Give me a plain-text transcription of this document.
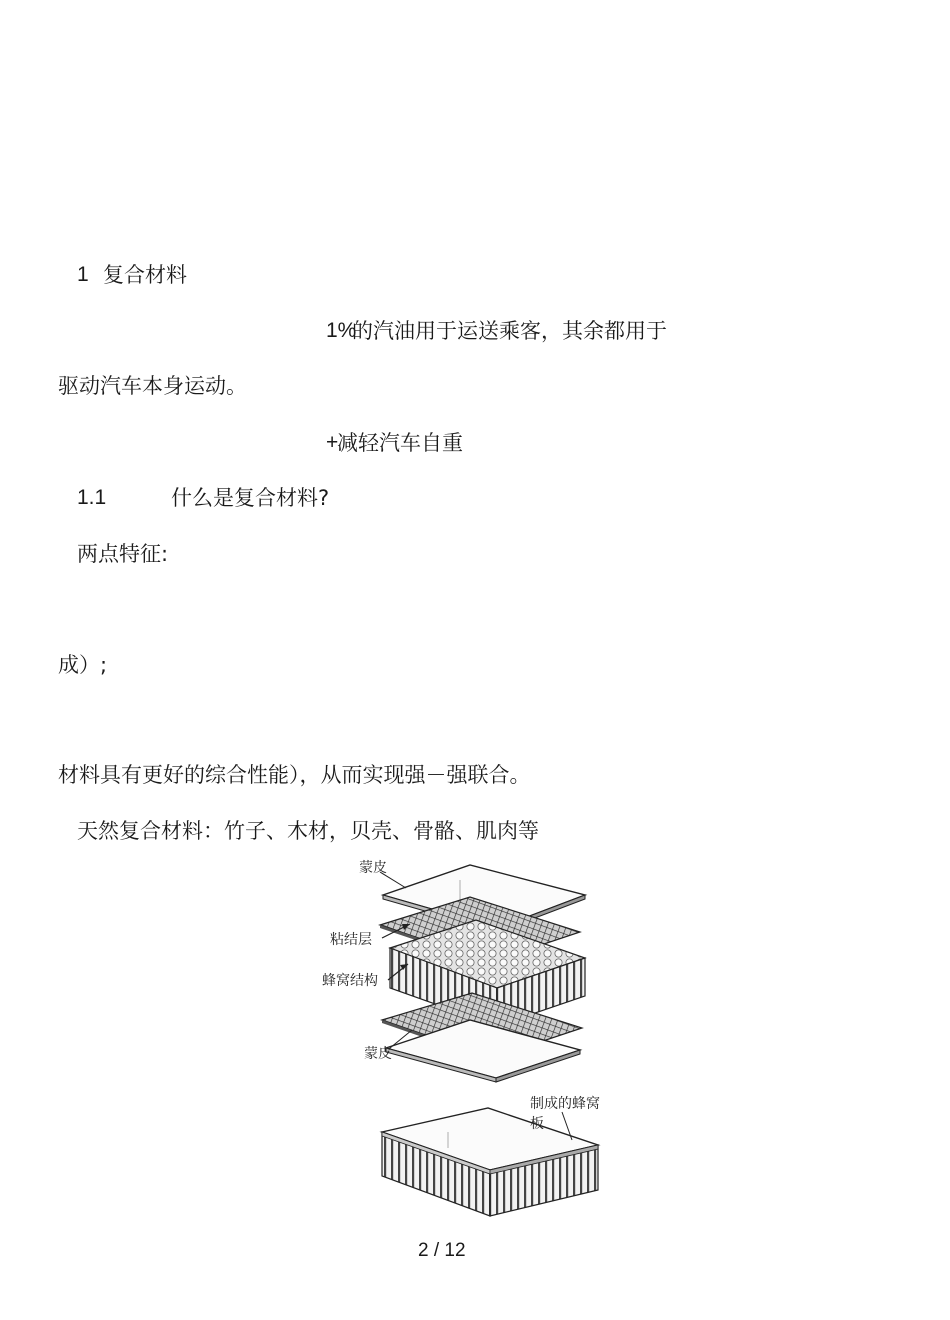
1 复合材料
1%
的汽油用于运送乘客，其余都用于
驱动汽车本身运动。
+
减轻汽车自重
1.1	什么是复合材料?
两点特征:
成）;
材料具有更好的综合性能），从而实现强－强联合。
天然复合材料：竹子、木材，贝壳、骨骼、肌肉等
蒙皮
粘结层
蜂窝结构
蒙皮
制成的蜂窝
板
2 / 12
